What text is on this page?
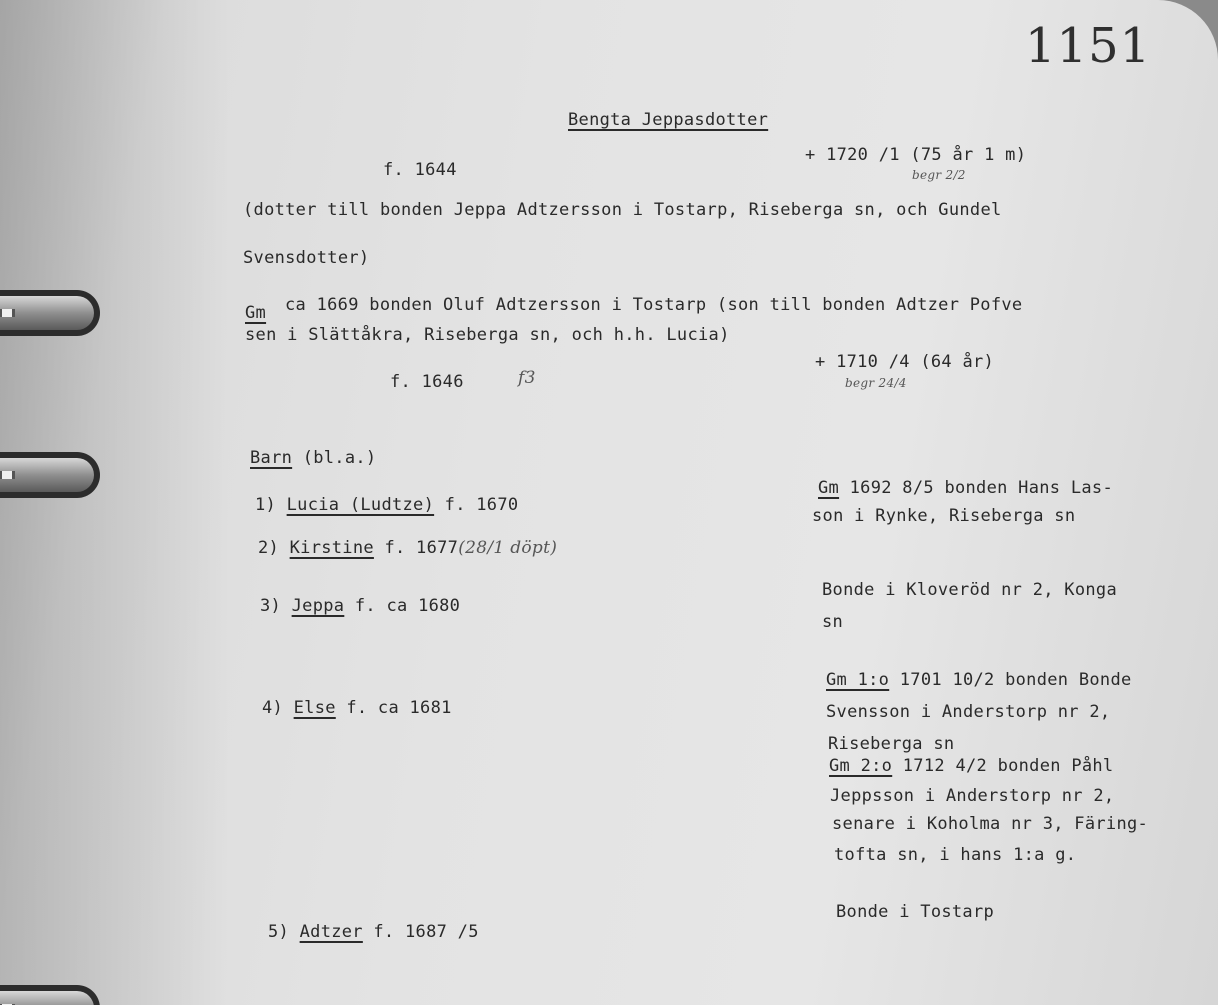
1151
Bengta Jeppasdotter
f. 1644
+ 1720 /1 (75 år 1 m)
begr 2/2
(dotter till bonden Jeppa Adtzersson i Tostarp, Riseberga sn, och Gundel
Svensdotter)
Gm ca 1669 bonden Oluf Adtzersson i Tostarp (son till bonden Adtzer Pofve
sen i Slättåkra, Riseberga sn, och h.h. Lucia)
f. 1646	f3
+ 1710 /4 (64 år)
begr 24/4
Barn (bl.a.)
1) Lucia (Ludtze) f. 1670
2) Kirstine f. 1677(28/1 döpt)
3) Jeppa f. ca 1680
4) Else f. ca 1681
5) Adtzer f. 1687 /5
Gm 1692 8/5 bonden Hans Las-
son i Rynke, Riseberga sn
Bonde i Kloveröd nr 2, Konga
sn
Gm 1:o 1701 10/2 bonden Bonde
Svensson i Anderstorp nr 2,
Riseberga sn
Gm 2:o 1712 4/2 bonden Påhl
Jeppsson i Anderstorp nr 2,
senare i Koholma nr 3, Färing-
tofta sn, i hans 1:a g.
Bonde i Tostarp
